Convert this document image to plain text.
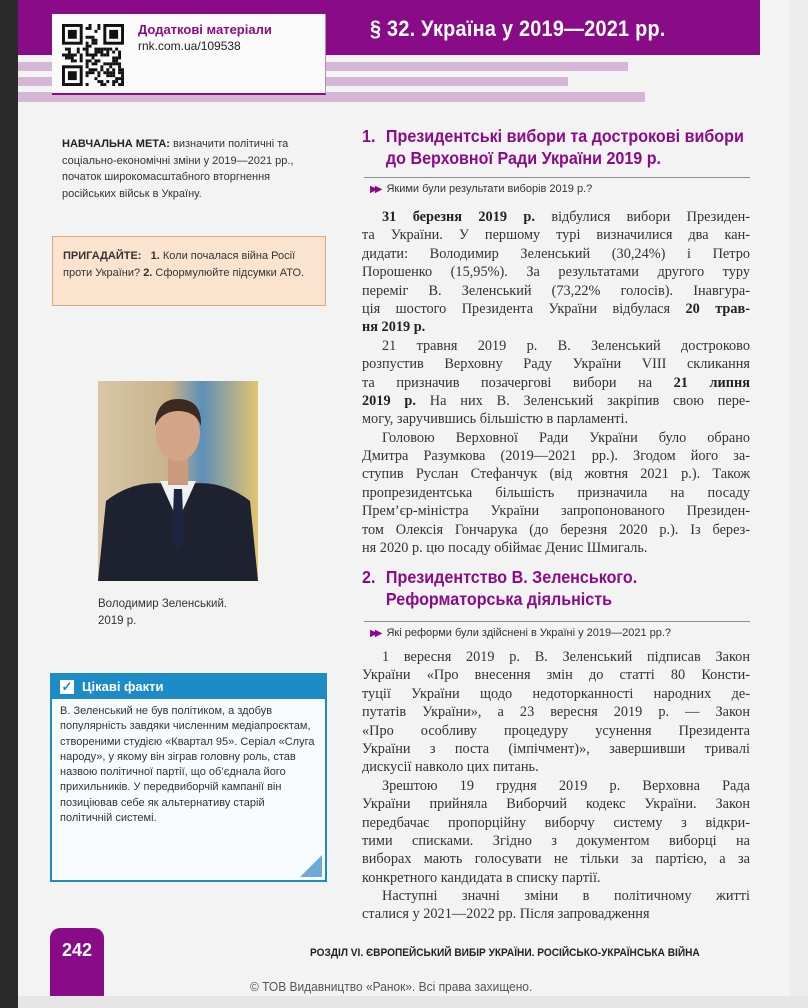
§ 32. Україна у 2019—2021 рр.
Додаткові матеріали
rnk.com.ua/109538
НАВЧАЛЬНА МЕТА: визначити політичні та соціально-економічні зміни у 2019—2021 рр., початок широкомасштабного вторгнення російських військ в Україну.
ПРИГАДАЙТЕ: 1. Коли почалася війна Росії проти України? 2. Сформулюйте підсумки АТО.
Володимир Зеленський.
2019 р.
✓ Цікаві факти
В. Зеленський не був політиком, а здобув популярність завдяки численним медіапроєктам, створеними студією «Квартал 95». Серіал «Слуга народу», у якому він зіграв головну роль, став назвою політичної партії, що об’єднала його прихильників. У передвиборчій кампанії він позиціював себе як альтернативу старій політичній системі.
1. Президентські вибори та дострокові вибори
до Верховної Ради України 2019 р.
▶▶ Якими були результати виборів 2019 р.?
31 березня 2019 р. відбулися вибори Президен-
та України. У першому турі визначилися два кан-
дидати: Володимир Зеленський (30,24%) і Петро
Порошенко (15,95%). За результатами другого туру
переміг В. Зеленський (73,22% голосів). Інавгура-
ція шостого Президента України відбулася 20 трав-
ня 2019 р.
21 травня 2019 р. В. Зеленський достроково
розпустив Верховну Раду України VIII скликання
та призначив позачергові вибори на 21 липня
2019 р. На них В. Зеленський закріпив свою пере-
могу, заручившись більшістю в парламенті.
Головою Верховної Ради України було обрано
Дмитра Разумкова (2019—2021 рр.). Згодом його за-
ступив Руслан Стефанчук (від жовтня 2021 р.). Також
пропрезидентська більшість призначила на посаду
Прем’єр-міністра України запропонованого Президен-
том Олексія Гончарука (до березня 2020 р.). Із берез-
ня 2020 р. цю посаду обіймає Денис Шмигаль.
2. Президентство В. Зеленського.
Реформаторська діяльність
▶▶ Які реформи були здійснені в Україні у 2019—2021 рр.?
1 вересня 2019 р. В. Зеленський підписав Закон
України «Про внесення змін до статті 80 Консти-
туції України щодо недоторканності народних де-
путатів України», а 23 вересня 2019 р. — Закон
«Про особливу процедуру усунення Президента
України з поста (імпічмент)», завершивши тривалі
дискусії навколо цих питань.
Зрештою 19 грудня 2019 р. Верховна Рада
України прийняла Виборчий кодекс України. Закон
передбачає пропорційну виборчу систему з відкри-
тими списками. Згідно з документом виборці на
виборах мають голосувати не тільки за партією, а за
конкретного кандидата в списку партії.
Наступні значні зміни в політичному житті
сталися у 2021—2022 рр. Після запровадження
242	РОЗДІЛ VI. ЄВРОПЕЙСЬКИЙ ВИБІР УКРАЇНИ. РОСІЙСЬКО-УКРАЇНСЬКА ВІЙНА
© ТОВ Видавництво «Ранок». Всі права захищено.
